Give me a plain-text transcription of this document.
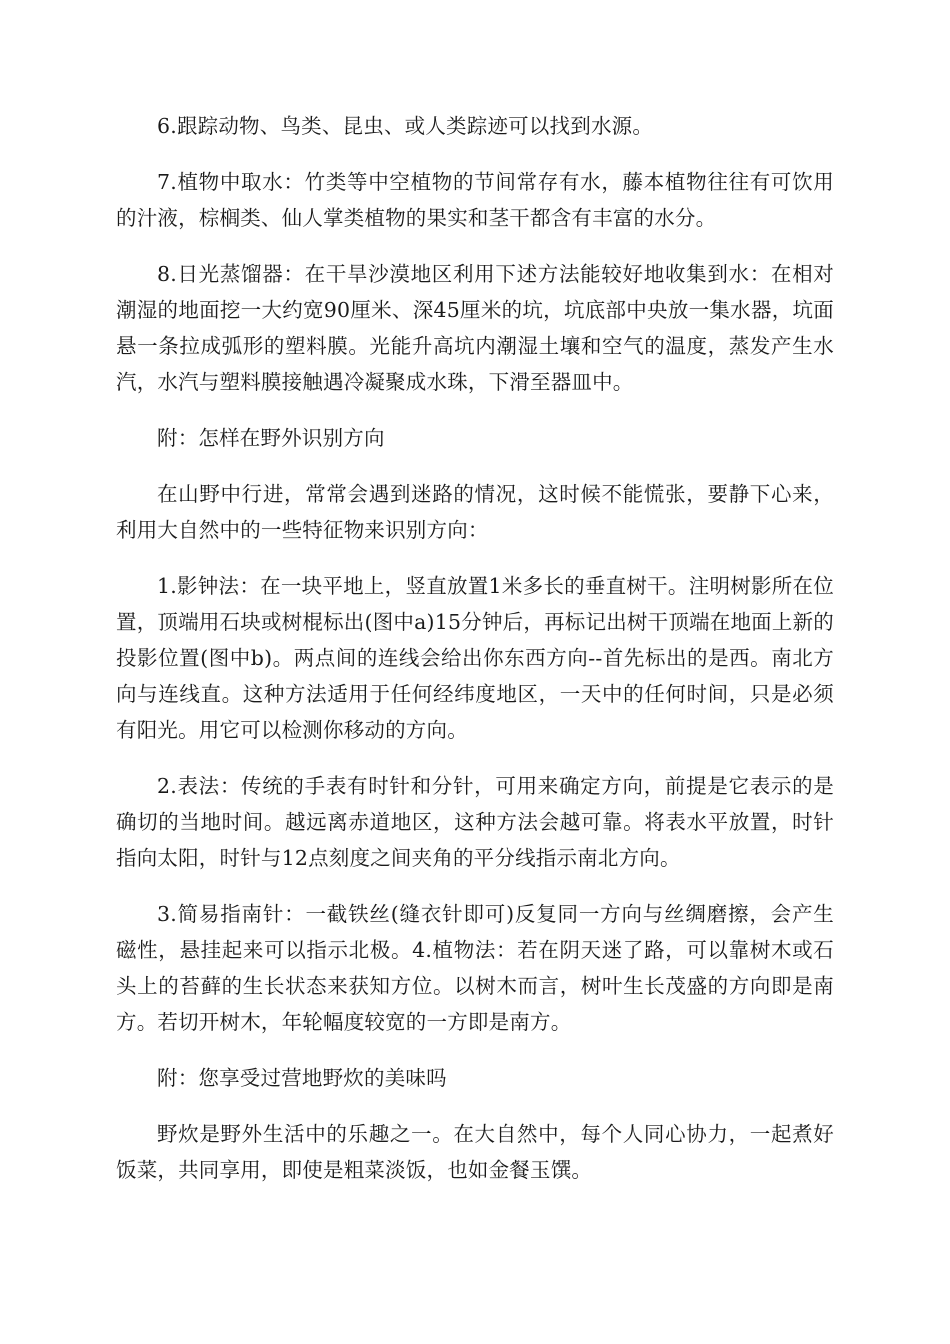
6.跟踪动物、鸟类、昆虫、或人类踪迹可以找到水源。

7.植物中取水：竹类等中空植物的节间常存有水，藤本植物往往有可饮用的汁液，棕榈类、仙人掌类植物的果实和茎干都含有丰富的水分。

8.日光蒸馏器：在干旱沙漠地区利用下述方法能较好地收集到水：在相对潮湿的地面挖一大约宽90厘米、深45厘米的坑，坑底部中央放一集水器，坑面悬一条拉成弧形的塑料膜。光能升高坑内潮湿土壤和空气的温度，蒸发产生水汽，水汽与塑料膜接触遇冷凝聚成水珠，下滑至器皿中。

附：怎样在野外识别方向

在山野中行进，常常会遇到迷路的情况，这时候不能慌张，要静下心来，利用大自然中的一些特征物来识别方向：

1.影钟法：在一块平地上，竖直放置1米多长的垂直树干。注明树影所在位置，顶端用石块或树棍标出(图中a)15分钟后，再标记出树干顶端在地面上新的投影位置(图中b)。两点间的连线会给出你东西方向--首先标出的是西。南北方向与连线直。这种方法适用于任何经纬度地区，一天中的任何时间，只是必须有阳光。用它可以检测你移动的方向。

2.表法：传统的手表有时针和分针，可用来确定方向，前提是它表示的是确切的当地时间。越远离赤道地区，这种方法会越可靠。将表水平放置，时针指向太阳，时针与12点刻度之间夹角的平分线指示南北方向。

3.简易指南针：一截铁丝(缝衣针即可)反复同一方向与丝绸磨擦，会产生磁性，悬挂起来可以指示北极。4.植物法：若在阴天迷了路，可以靠树木或石头上的苔藓的生长状态来获知方位。以树木而言，树叶生长茂盛的方向即是南方。若切开树木，年轮幅度较宽的一方即是南方。

附：您享受过营地野炊的美味吗

野炊是野外生活中的乐趣之一。在大自然中，每个人同心协力，一起煮好饭菜，共同享用，即使是粗菜淡饭，也如金餐玉馔。
